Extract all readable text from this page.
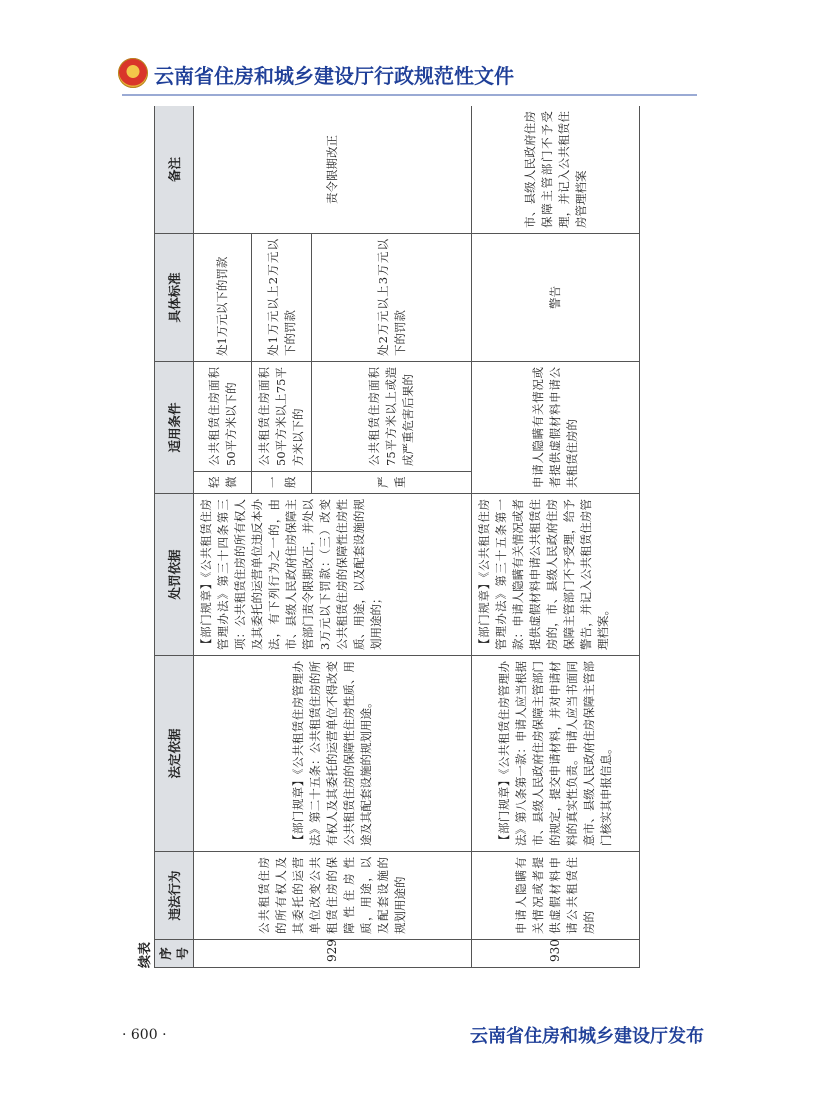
云南省住房和城乡建设厅行政规范性文件
续表 序号	违法行为	法定依据	处罚依据	适用条件		具体标准	备注
929	公共租赁住房的所有权人及其委托的运营单位改变公共租赁住房的保障性住房性质，用途，以及配套设施的规划用途的	【部门规章】《公共租赁住房管理办法》第二十五条：公共租赁住房的所有权人及其委托的运营单位不得改变公共租赁住房的保障性住房性质、用途及其配套设施的规划用途。	【部门规章】《公共租赁住房管理办法》第三十四条第三项：公共租赁住房的所有权人及其委托的运营单位违反本办法，有下列行为之一的，由市、县级人民政府住房保障主管部门责令限期改正，并处以3万元以下罚款：（三）改变公共租赁住房的保障性住房性质、用途，以及配套设施的规划用途的；	轻微	公共租赁住房面积50平方米以下的	处1万元以下的罚款	责令限期改正
				一般	公共租赁住房面积50平方米以上75平方米以下的	处1万元以上2万元以下的罚款	
				严重	公共租赁住房面积75平方米以上或造成严重危害后果的	处2万元以上3万元以下的罚款	
930	申请人隐瞒有关情况或者提供虚假材料申请公共租赁住房的	【部门规章】《公共租赁住房管理办法》第八条第一款：申请人应当根据市、县级人民政府住房保障主管部门的规定，提交申请材料，并对申请材料的真实性负责。申请人应当书面同意市、县级人民政府住房保障主管部门核实其申报信息。	【部门规章】《公共租赁住房管理办法》第三十五条第一款：申请人隐瞒有关情况或者提供虚假材料申请公共租赁住房的，市、县级人民政府住房保障主管部门不予受理，给予警告，并记入公共租赁住房管理档案。	申请人隐瞒有关情况或者提供虚假材料申请公共租赁住房的		警告	市、县级人民政府住房保障主管部门不予受理，并记入公共租赁住房管理档案
· 600 ·	云南省住房和城乡建设厅发布
